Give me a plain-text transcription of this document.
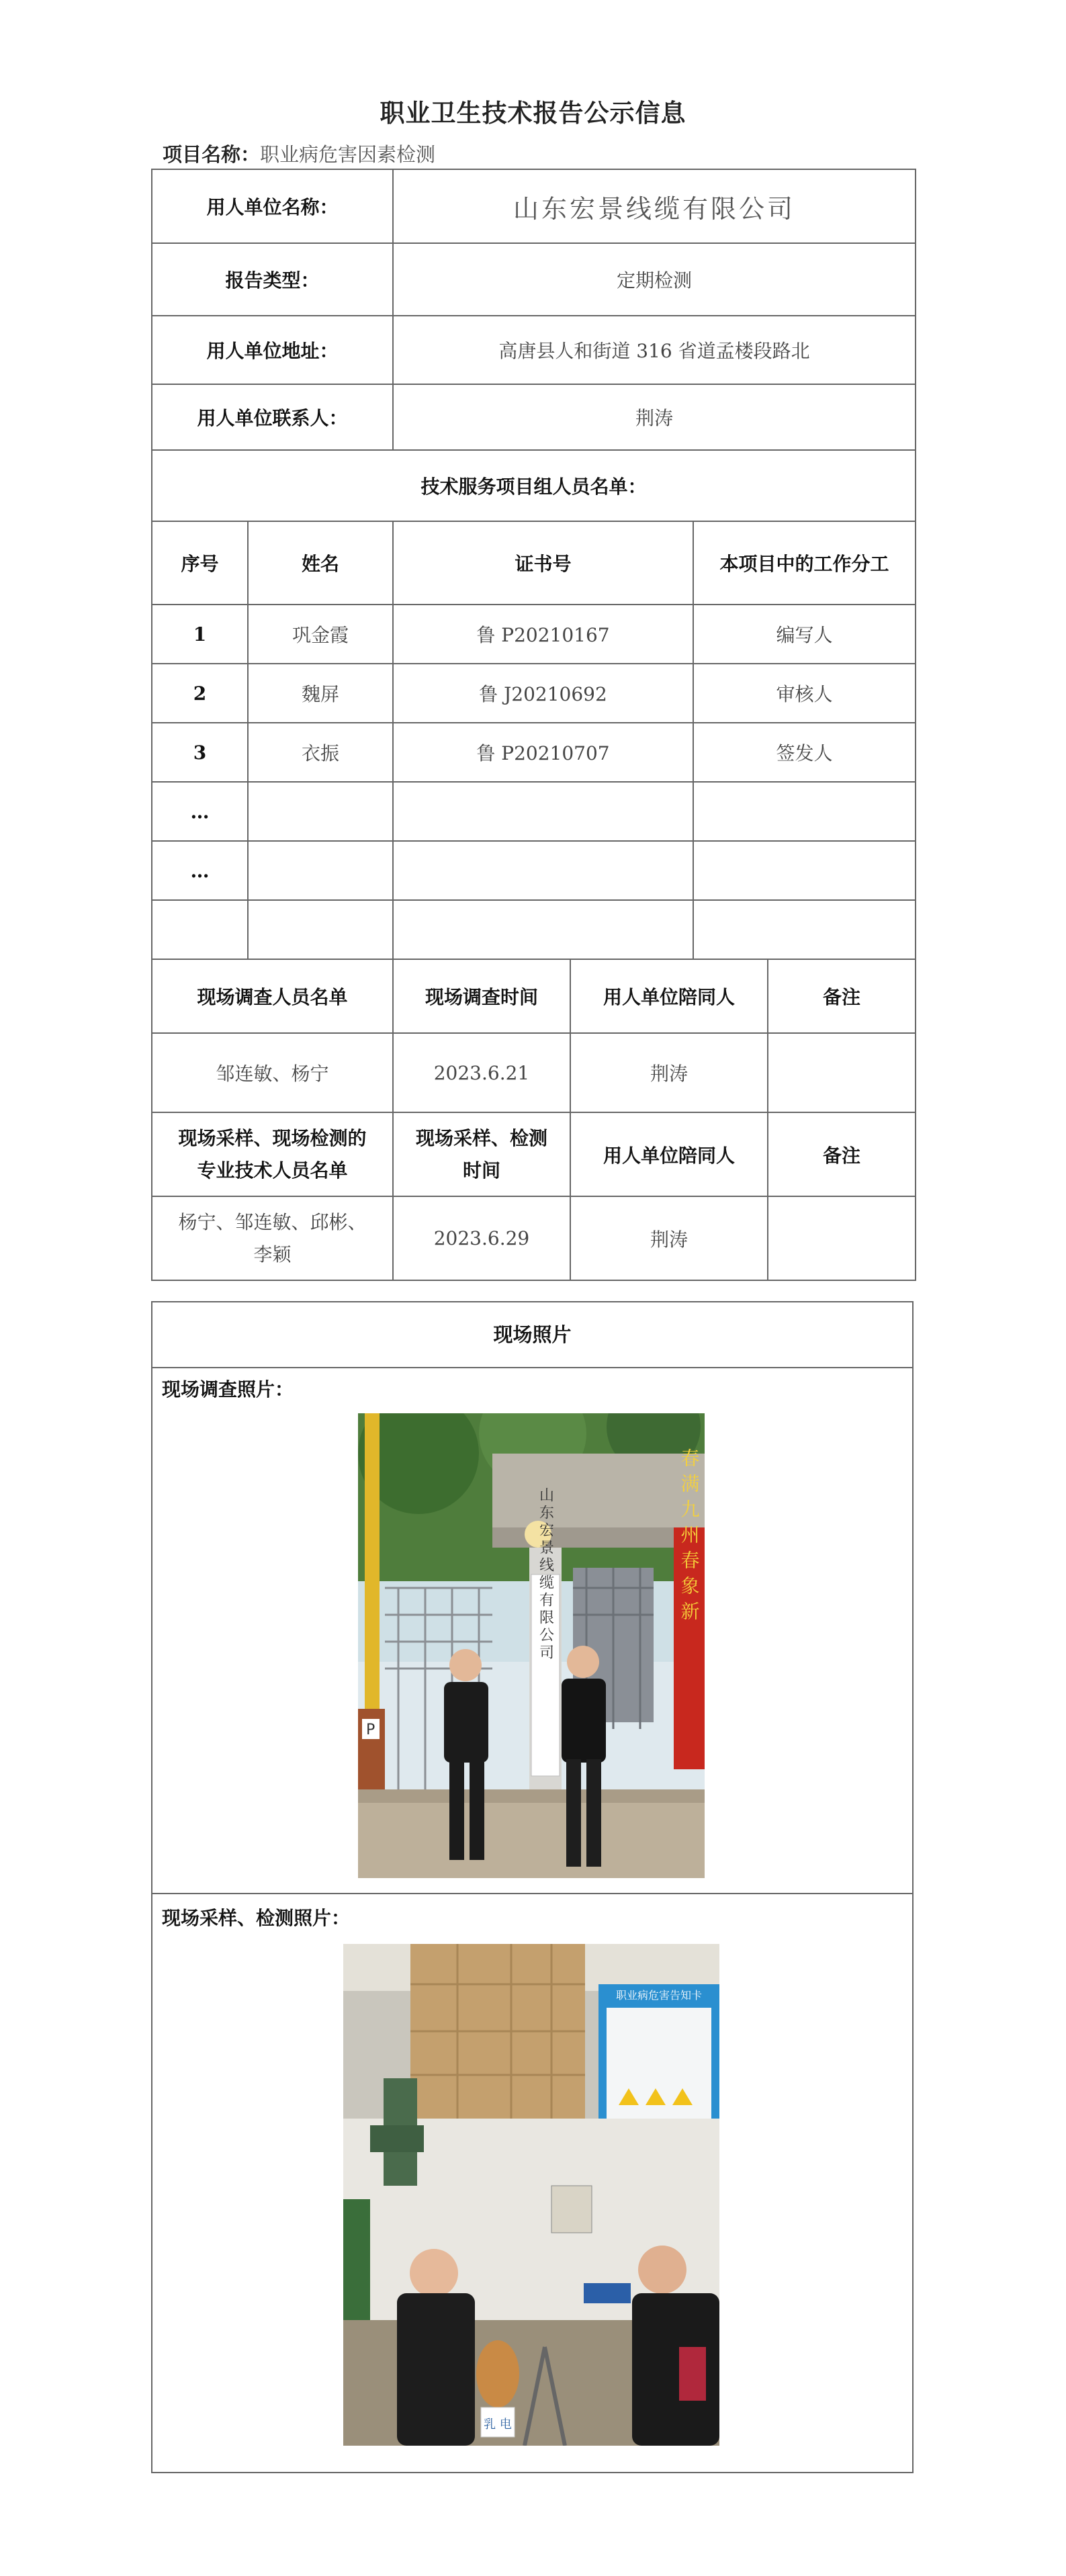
职业卫生技术报告公示信息
项目名称：职业病危害因素检测
用人单位名称：		山东宏景线缆有限公司			
报告类型：		定期检测			
用人单位地址：		高唐县人和街道 316 省道孟楼段路北			
用人单位联系人：		荆涛			
技术服务项目组人员名单：					
序号	姓名	证书号		本项目中的工作分工	
1	巩金霞	鲁 P20210167		编写人	
2	魏屏	鲁 J20210692		审核人	
3	衣振	鲁 P20210707		签发人	
…					
…					

现场调查人员名单		现场调查时间	用人单位陪同人		备注
邹连敏、杨宁		2023.6.21	荆涛		
现场采样、现场检测的
专业技术人员名单		现场采样、检测
时间	用人单位陪同人		备注
杨宁、邹连敏、邱彬、
李颖		2023.6.29	荆涛		
现场照片
现场调查照片：
P
山东宏景线缆有限公司	春满九州春象新
现场采样、检测照片：
职业病危害告知卡
乳 电
